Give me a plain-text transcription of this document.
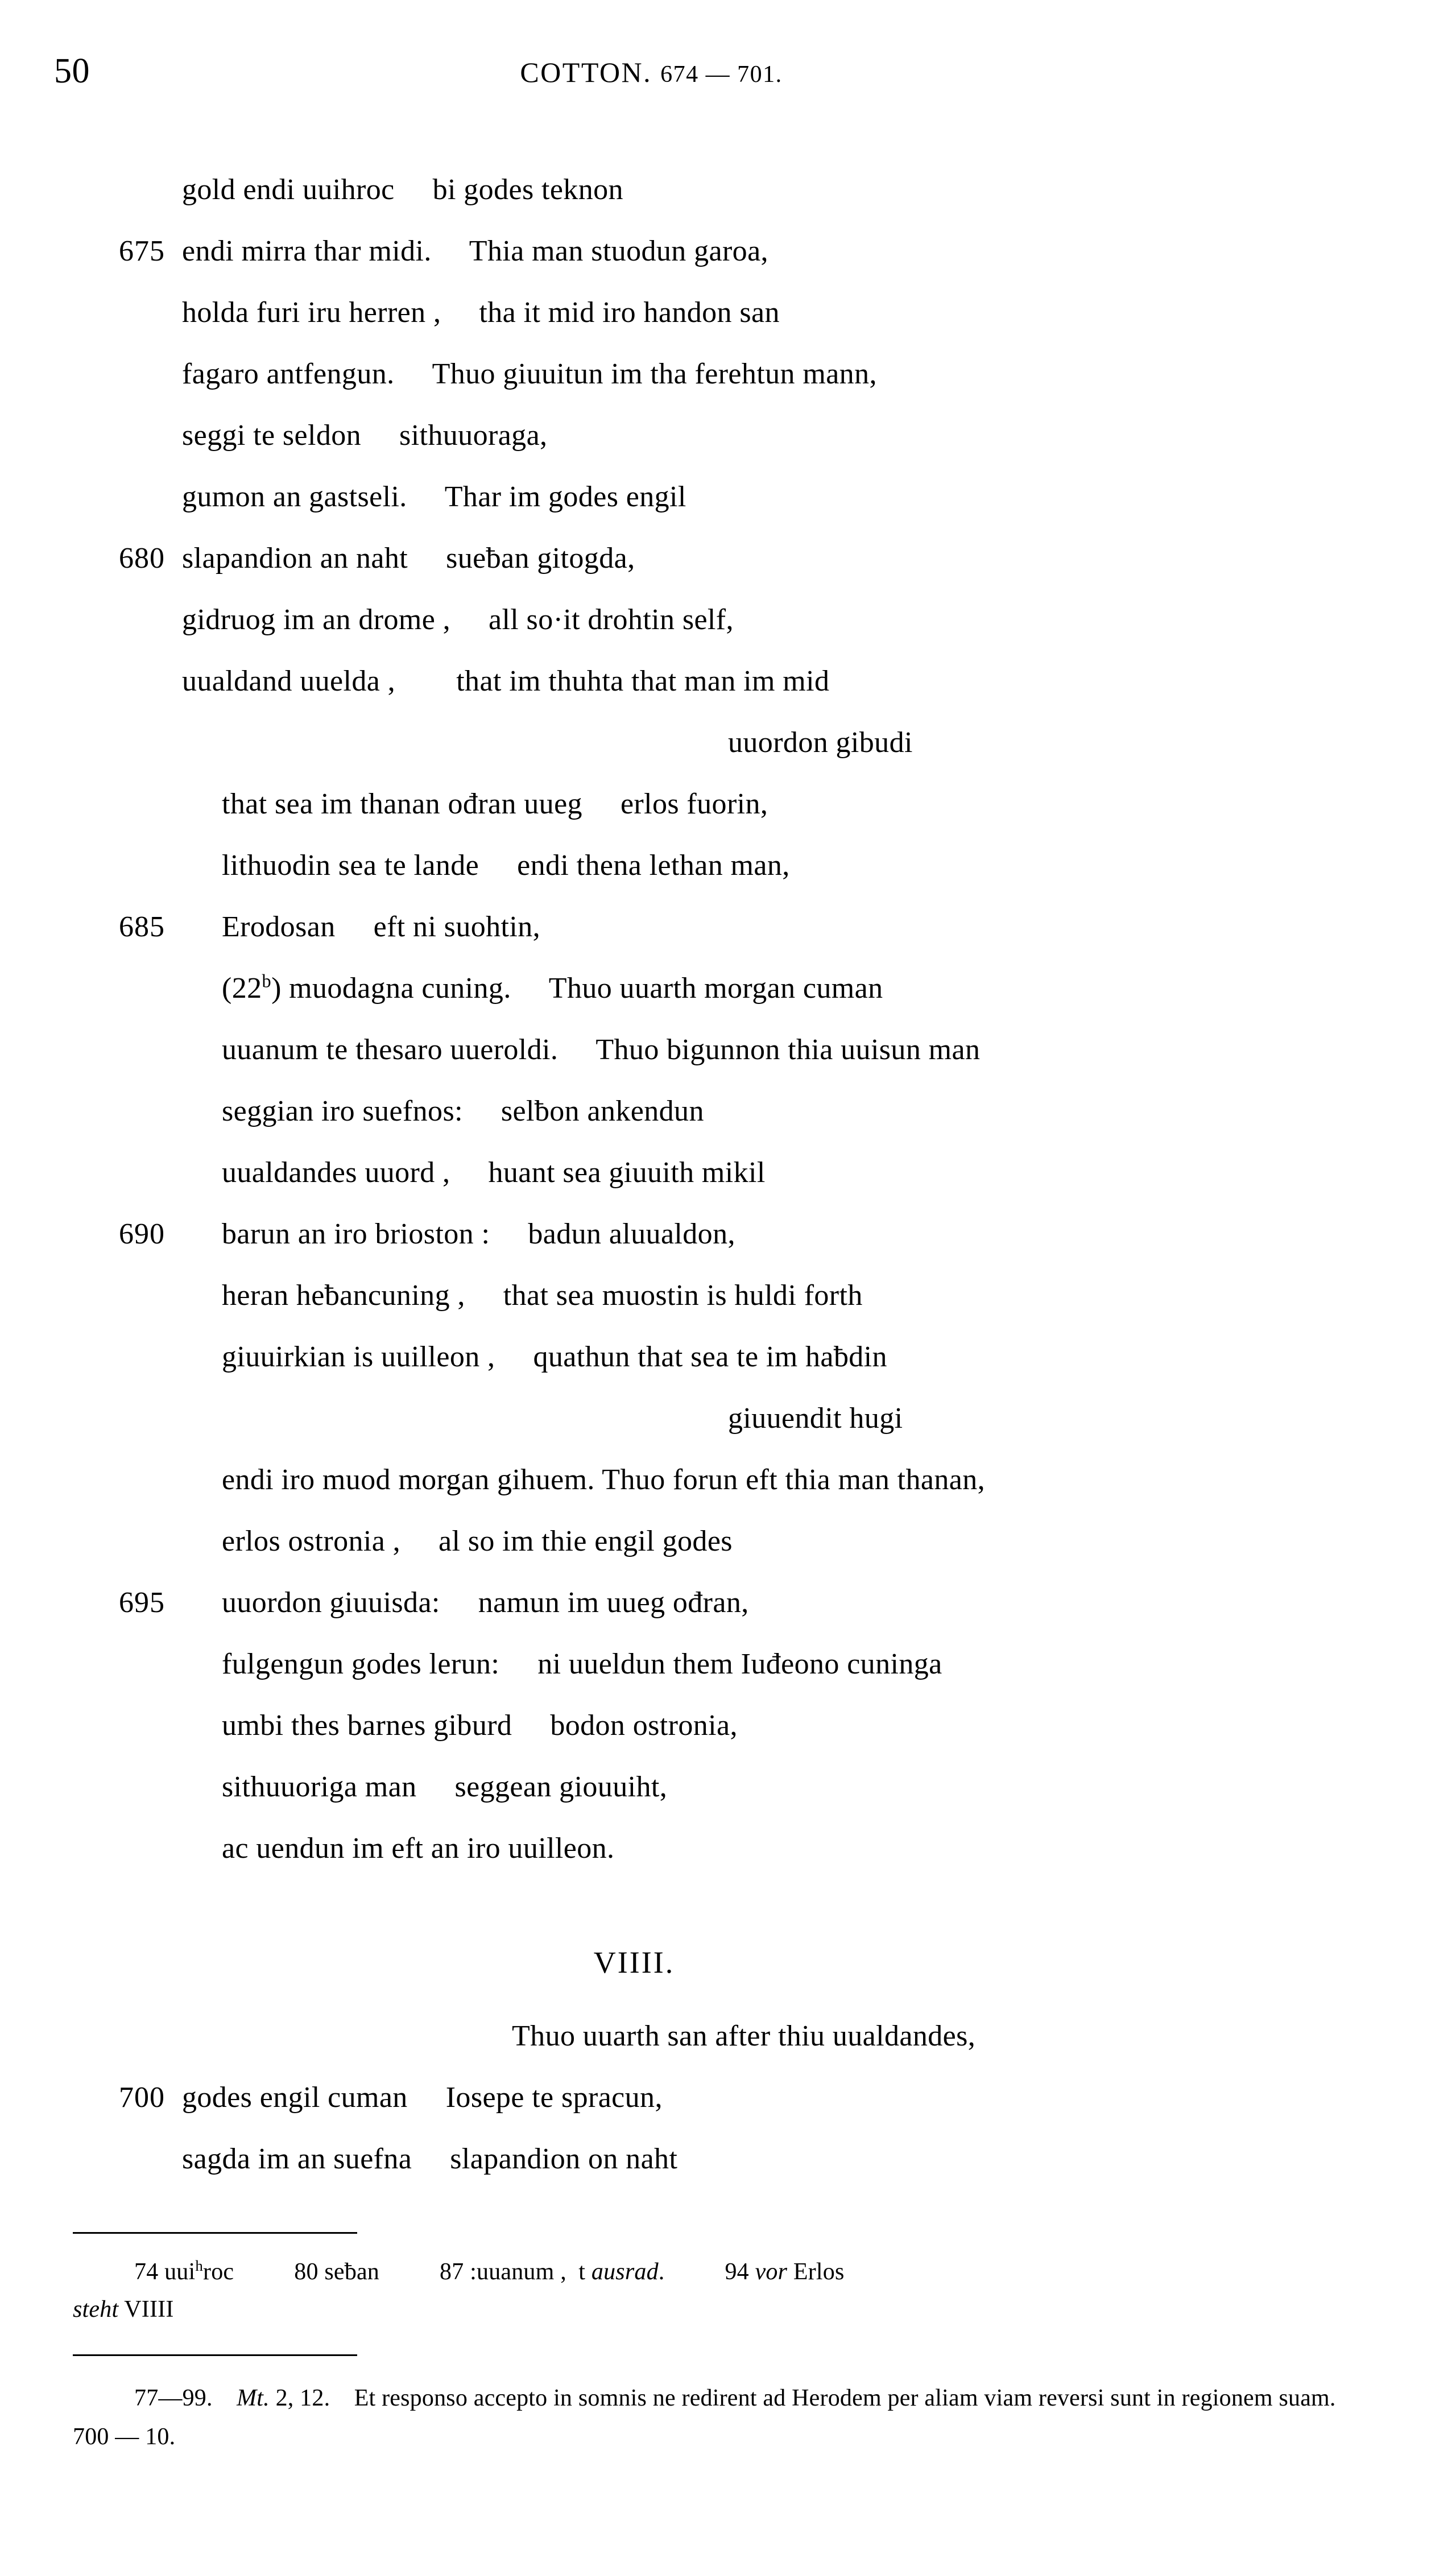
50	COTTON. 674 — 701.
gold endi uuihroc     bi godes teknon
675 endi mirra thar midi.     Thia man stuodun garoa,
holda furi iru herren ,     tha it mid iro handon san
fagaro antfengun.     Thuo giuuitun im tha ferehtun mann,
seggi te seldon     sithuuoraga,
gumon an gastseli.     Thar im godes engil
680 slapandion an naht     sueƀan gitogda,
gidruog im an drome ,     all so·it drohtin self,
uualdand uuelda ,        that im thuhta that man im mid
uuordon gibudi
that sea im thanan ođran uueg     erlos fuorin,
lithuodin sea te lande     endi thena lethan man,
685 Erodosan     eft ni suohtin,
(22$^b$) muodagna cuning.     Thuo uuarth morgan cuman
uuanum te thesaro uueroldi.     Thuo bigunnon thia uuisun man
seggian iro suefnos:     selƀon ankendun
uualdandes uuord ,     huant sea giuuith mikil
690 barun an iro brioston :     badun aluualdon,
heran heƀancuning ,     that sea muostin is huldi forth
giuuirkian is uuilleon ,     quathun that sea te im haƀdin
giuuendit hugi
endi iro muod morgan gihuem. Thuo forun eft thia man thanan,
erlos ostronia ,     al so im thie engil godes
695 uuordon giuuisda:     namun im uueg ođran,
fulgengun godes lerun:     ni uueldun them Iuđeono cuninga
umbi thes barnes giburd     bodon ostronia,
sithuuoriga man     seggean giouuiht,
ac uendun im eft an iro uuilleon.
VIIII.
Thuo uuarth san after thiu uualdandes,
700 godes engil cuman     Iosepe te spracun,
sagda im an suefna     slapandion on naht
74 uui$^h$roc     	80 seƀan     	87 :uuanum ,  t ausrad.     	94 vor Erlos
steht VIIII
77—99.   Mt. 2, 12.   Et responso accepto in somnis ne redirent ad Herodem per aliam viam reversi sunt in regionem suam.   700 — 10.
